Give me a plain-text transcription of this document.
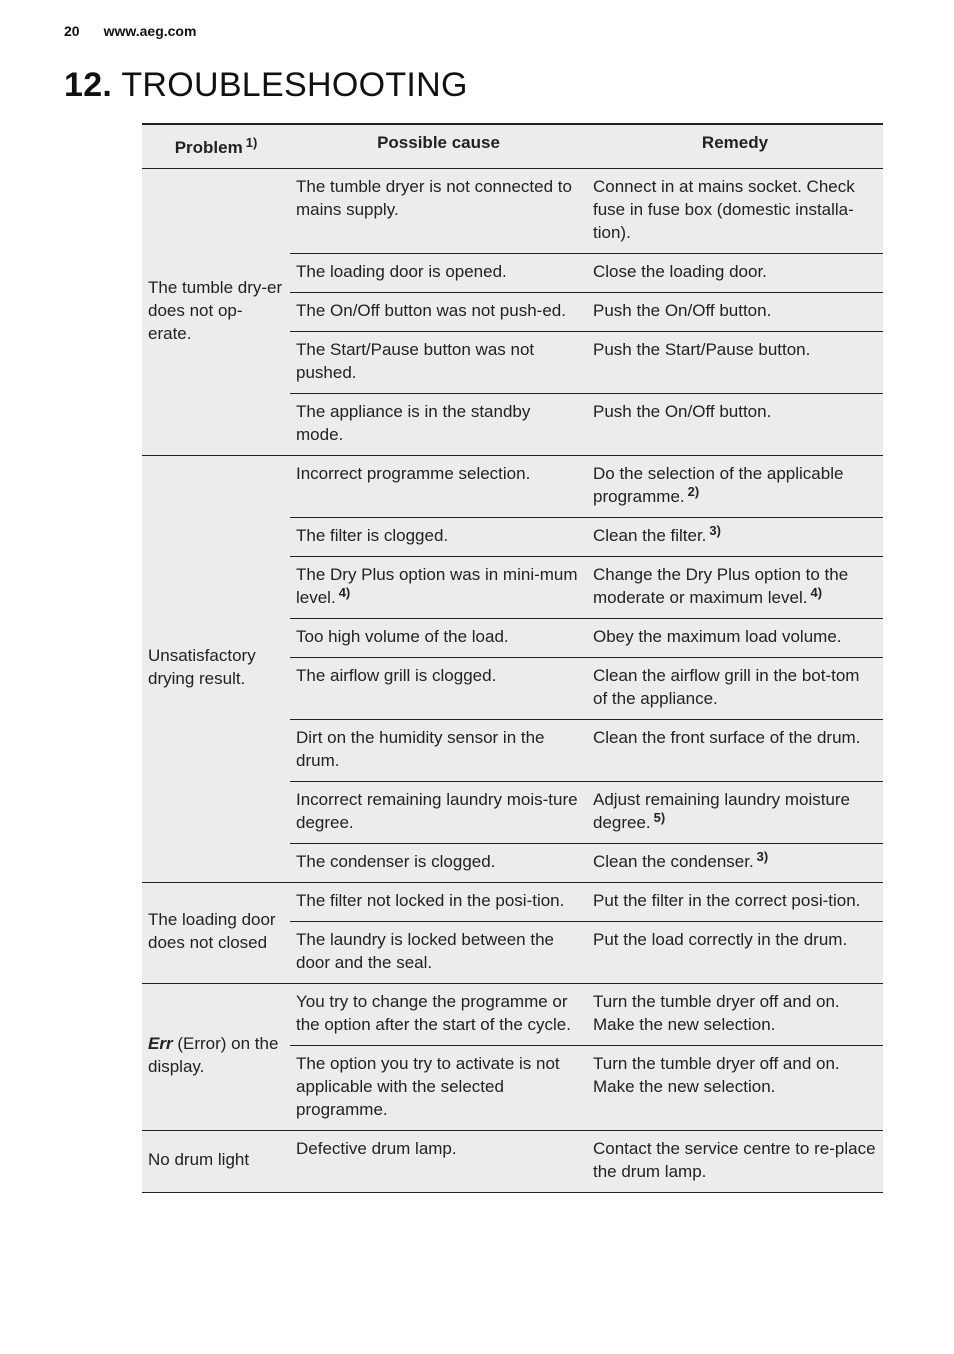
20 www.aeg.com
12. TROUBLESHOOTING
Problem $^{1)}$	Possible cause	Remedy
The tumble dry-er does not op-erate.	The tumble dryer is not connected to mains supply.	Connect in at mains socket. Check fuse in fuse box (domestic installa-tion).
	The loading door is opened.	Close the loading door.
	The On/Off button was not push-ed.	Push the On/Off button.
	The Start/Pause button was not pushed.	Push the Start/Pause button.
	The appliance is in the standby mode.	Push the On/Off button.
Unsatisfactory drying result.	Incorrect programme selection.	Do the selection of the applicable programme. $^{2)}$
	The filter is clogged.	Clean the filter. $^{3)}$
	The Dry Plus option was in mini-mum level. $^{4)}$	Change the Dry Plus option to the moderate or maximum level. $^{4)}$
	Too high volume of the load.	Obey the maximum load volume.
	The airflow grill is clogged.	Clean the airflow grill in the bot-tom of the appliance.
	Dirt on the humidity sensor in the drum.	Clean the front surface of the drum.
	Incorrect remaining laundry mois-ture degree.	Adjust remaining laundry moisture degree. $^{5)}$
	The condenser is clogged.	Clean the condenser. $^{3)}$
The loading door does not closed	The filter not locked in the posi-tion.	Put the filter in the correct posi-tion.
	The laundry is locked between the door and the seal.	Put the load correctly in the drum.
Err (Error) on the display.	You try to change the programme or the option after the start of the cycle.	Turn the tumble dryer off and on. Make the new selection.
	The option you try to activate is not applicable with the selected programme.	Turn the tumble dryer off and on. Make the new selection.
No drum light	Defective drum lamp.	Contact the service centre to re-place the drum lamp.
